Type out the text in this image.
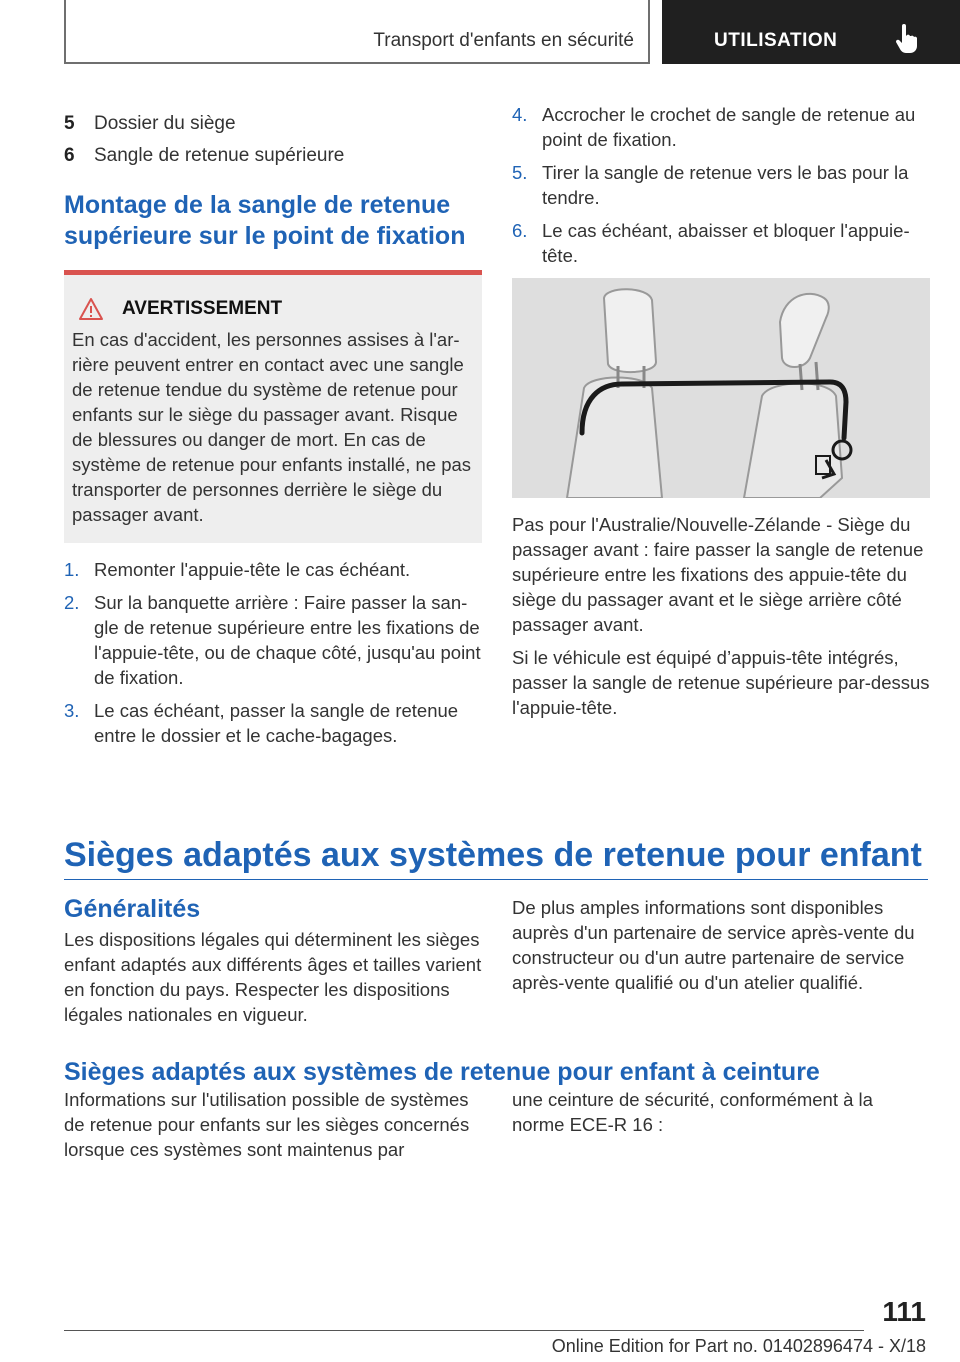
Transport d'enfants en sécurité	UTILISATION
5	Dossier du siège
6	Sangle de retenue supérieure
Montage de la sangle de retenue supérieure sur le point de fixation
AVERTISSEMENT
En cas d'accident, les personnes assises à l'arrière peuvent entrer en contact avec une sangle de retenue tendue du système de retenue pour enfants sur le siège du passager avant. Risque de blessures ou danger de mort. En cas de système de retenue pour enfants installé, ne pas transporter de personnes derrière le siège du passager avant.
1. Remonter l'appuie-tête le cas échéant.
2. Sur la banquette arrière : Faire passer la sangle de retenue supérieure entre les fixations de l'appuie-tête, ou de chaque côté, jusqu'au point de fixation.
3. Le cas échéant, passer la sangle de retenue entre le dossier et le cache-bagages.
4. Accrocher le crochet de sangle de retenue au point de fixation.
5. Tirer la sangle de retenue vers le bas pour la tendre.
6. Le cas échéant, abaisser et bloquer l'appuie-tête.
Pas pour l'Australie/Nouvelle-Zélande - Siège du passager avant : faire passer la sangle de retenue supérieure entre les fixations des appuie-tête du siège du passager avant et le siège arrière côté passager avant.
Si le véhicule est équipé d’appuis-tête intégrés, passer la sangle de retenue supérieure par-dessus l'appuie-tête.
Sièges adaptés aux systèmes de retenue pour enfant
Généralités
Les dispositions légales qui déterminent les sièges enfant adaptés aux différents âges et tailles varient en fonction du pays. Respecter les dispositions légales nationales en vigueur.
De plus amples informations sont disponibles auprès d'un partenaire de service après-vente du constructeur ou d'un autre partenaire de service après-vente qualifié ou d'un atelier qualifié.
Sièges adaptés aux systèmes de retenue pour enfant à ceinture
Informations sur l'utilisation possible de systèmes de retenue pour enfants sur les sièges concernés lorsque ces systèmes sont maintenus par
une ceinture de sécurité, conformément à la norme ECE-R 16 :
111
Online Edition for Part no. 01402896474 - X/18
